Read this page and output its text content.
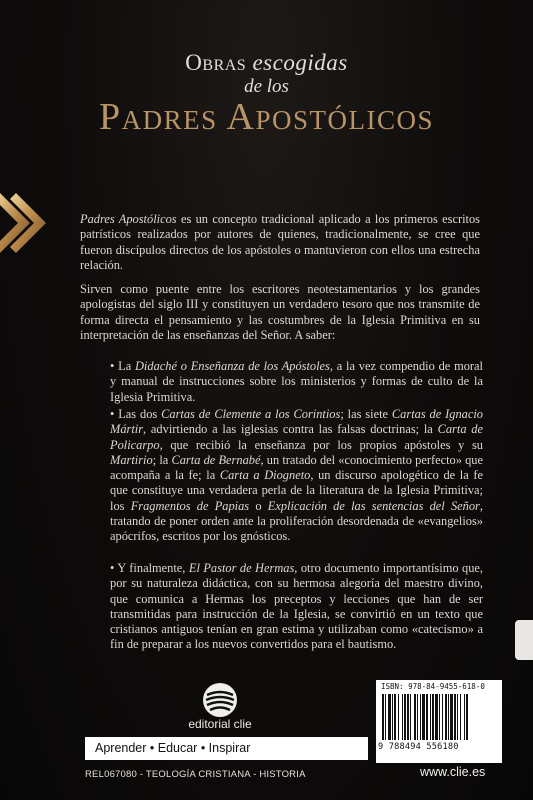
Obras escogidas
de los
Padres Apostólicos

Padres Apostólicos es un concepto tradicional aplicado a los primeros escritos patrísticos realizados por autores de quienes, tradicionalmente, se cree que fueron discípulos directos de los apóstoles o mantuvieron con ellos una estrecha relación.

Sirven como puente entre los escritores neotestamentarios y los grandes apologistas del siglo III y constituyen un verdadero tesoro que nos transmite de forma directa el pensamiento y las costumbres de la Iglesia Primitiva en su interpretación de las enseñanzas del Señor. A saber:

• La Didaché o Enseñanza de los Apóstoles, a la vez compendio de moral y manual de instrucciones sobre los ministerios y formas de culto de la Iglesia Primitiva.

• Las dos Cartas de Clemente a los Corintios; las siete Cartas de Ignacio Mártir, advirtiendo a las iglesias contra las falsas doctrinas; la Carta de Policarpo, que recibió la enseñanza por los propios apóstoles y su Martirio; la Carta de Bernabé, un tratado del «conocimiento perfecto» que acompaña a la fe; la Carta a Diogneto, un discurso apologético de la fe que constituye una verdadera perla de la literatura de la Iglesia Primitiva; los Fragmentos de Papias o Explicación de las sentencias del Señor, tratando de poner orden ante la proliferación desordenada de «evangelios» apócrifos, escritos por los gnósticos.

• Y finalmente, El Pastor de Hermas, otro documento importantísimo que, por su naturaleza didáctica, con su hermosa alegoría del maestro divino, que comunica a Hermas los preceptos y lecciones que han de ser transmitidas para instrucción de la Iglesia, se convirtió en un texto que cristianos antiguos tenían en gran estima y utilizaban como «catecismo» a fin de preparar a los nuevos convertidos para el bautismo.

editorial clie
ISBN: 978-84-9455-618-0
9 788494 556180
Aprender • Educar • Inspirar
REL067080 - TEOLOGÍA CRISTIANA - HISTORIA	www.clie.es
